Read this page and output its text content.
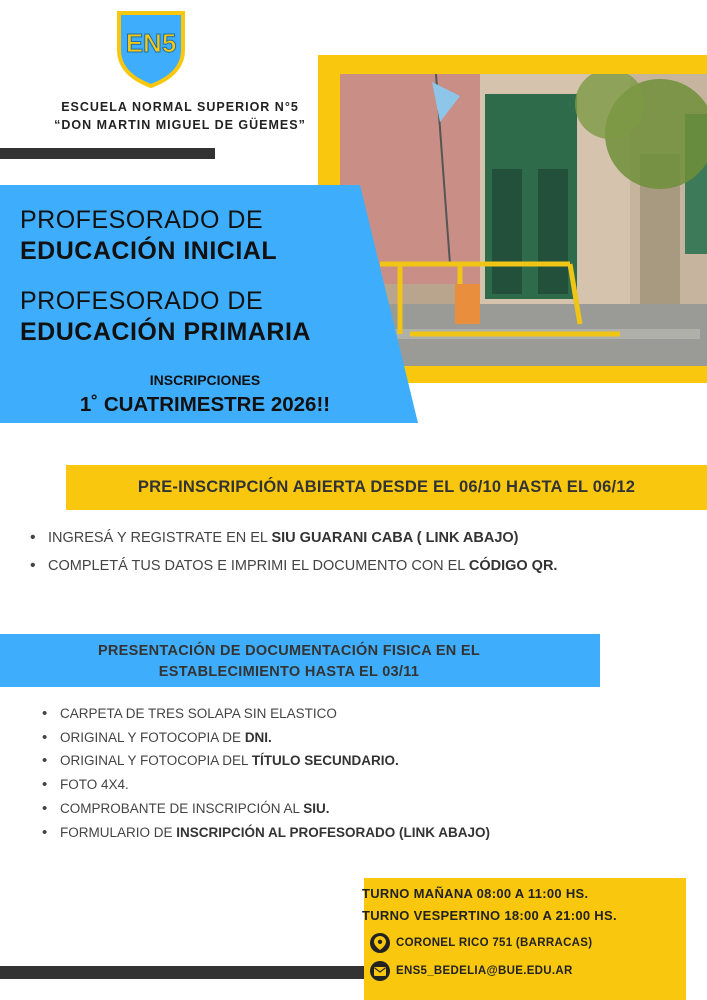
EN5
ESCUELA NORMAL SUPERIOR N°5
“DON MARTIN MIGUEL DE GÜEMES”
PROFESORADO DE
EDUCACIÓN INICIAL
PROFESORADO DE
EDUCACIÓN PRIMARIA
INSCRIPCIONES
1˚ CUATRIMESTRE 2026!!
PRE-INSCRIPCIÓN ABIERTA DESDE EL 06/10 HASTA EL 06/12
• INGRESÁ Y REGISTRATE EN EL SIU GUARANI CABA ( LINK ABAJO)
• COMPLETÁ TUS DATOS E IMPRIMI EL DOCUMENTO CON EL CÓDIGO QR.
PRESENTACIÓN DE DOCUMENTACIÓN FISICA EN EL
ESTABLECIMIENTO HASTA EL 03/11
• CARPETA DE TRES SOLAPA SIN ELASTICO
• ORIGINAL Y FOTOCOPIA DE DNI.
• ORIGINAL Y FOTOCOPIA DEL TÍTULO SECUNDARIO.
• FOTO 4X4.
• COMPROBANTE DE INSCRIPCIÓN AL SIU.
• FORMULARIO DE INSCRIPCIÓN AL PROFESORADO (LINK ABAJO)
TURNO MAÑANA 08:00 A 11:00 HS.
TURNO VESPERTINO 18:00 A 21:00 HS.
CORONEL RICO 751 (BARRACAS)
ENS5_BEDELIA@BUE.EDU.AR
